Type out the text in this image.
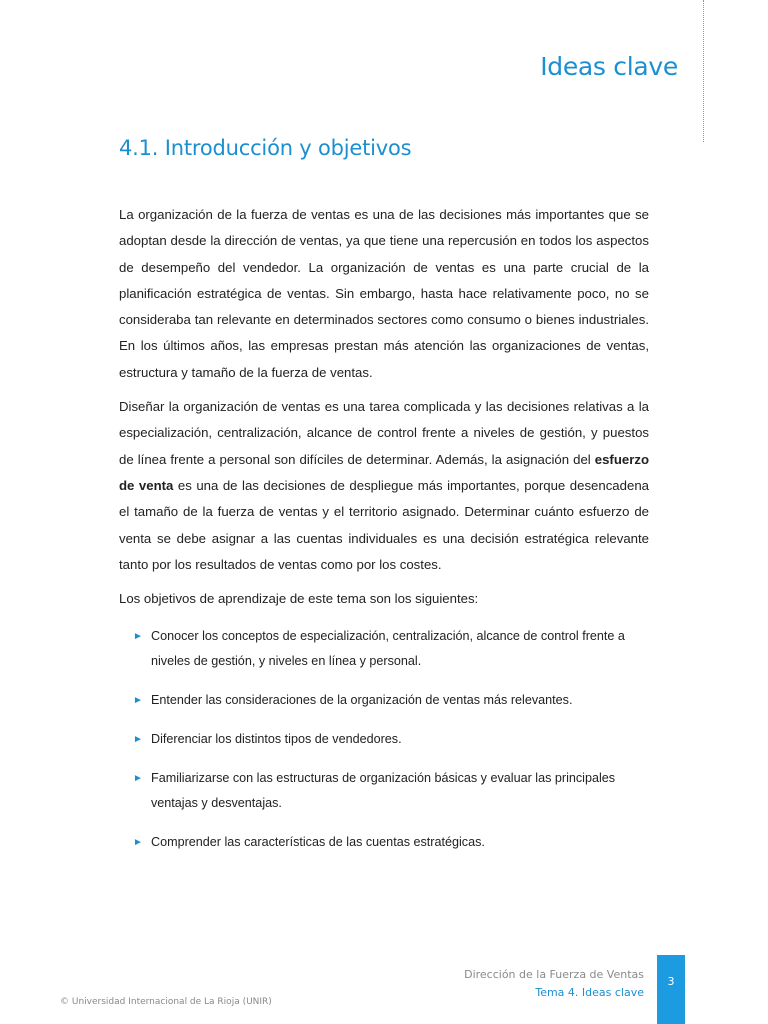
Ideas clave
4.1. Introducción y objetivos

La organización de la fuerza de ventas es una de las decisiones más importantes que se adoptan desde la dirección de ventas, ya que tiene una repercusión en todos los aspectos de desempeño del vendedor. La organización de ventas es una parte crucial de la planificación estratégica de ventas. Sin embargo, hasta hace relativamente poco, no se consideraba tan relevante en determinados sectores como consumo o bienes industriales. En los últimos años, las empresas prestan más atención las organizaciones de ventas, estructura y tamaño de la fuerza de ventas.

Diseñar la organización de ventas es una tarea complicada y las decisiones relativas a la especialización, centralización, alcance de control frente a niveles de gestión, y puestos de línea frente a personal son difíciles de determinar. Además, la asignación del esfuerzo de venta es una de las decisiones de despliegue más importantes, porque desencadena el tamaño de la fuerza de ventas y el territorio asignado. Determinar cuánto esfuerzo de venta se debe asignar a las cuentas individuales es una decisión estratégica relevante tanto por los resultados de ventas como por los costes.

Los objetivos de aprendizaje de este tema son los siguientes:

► Conocer los conceptos de especialización, centralización, alcance de control frente a niveles de gestión, y niveles en línea y personal.
► Entender las consideraciones de la organización de ventas más relevantes.
► Diferenciar los distintos tipos de vendedores.
► Familiarizarse con las estructuras de organización básicas y evaluar las principales ventajas y desventajas.
► Comprender las características de las cuentas estratégicas.
Dirección de la Fuerza de Ventas
Tema 4. Ideas clave
3
© Universidad Internacional de La Rioja (UNIR)
